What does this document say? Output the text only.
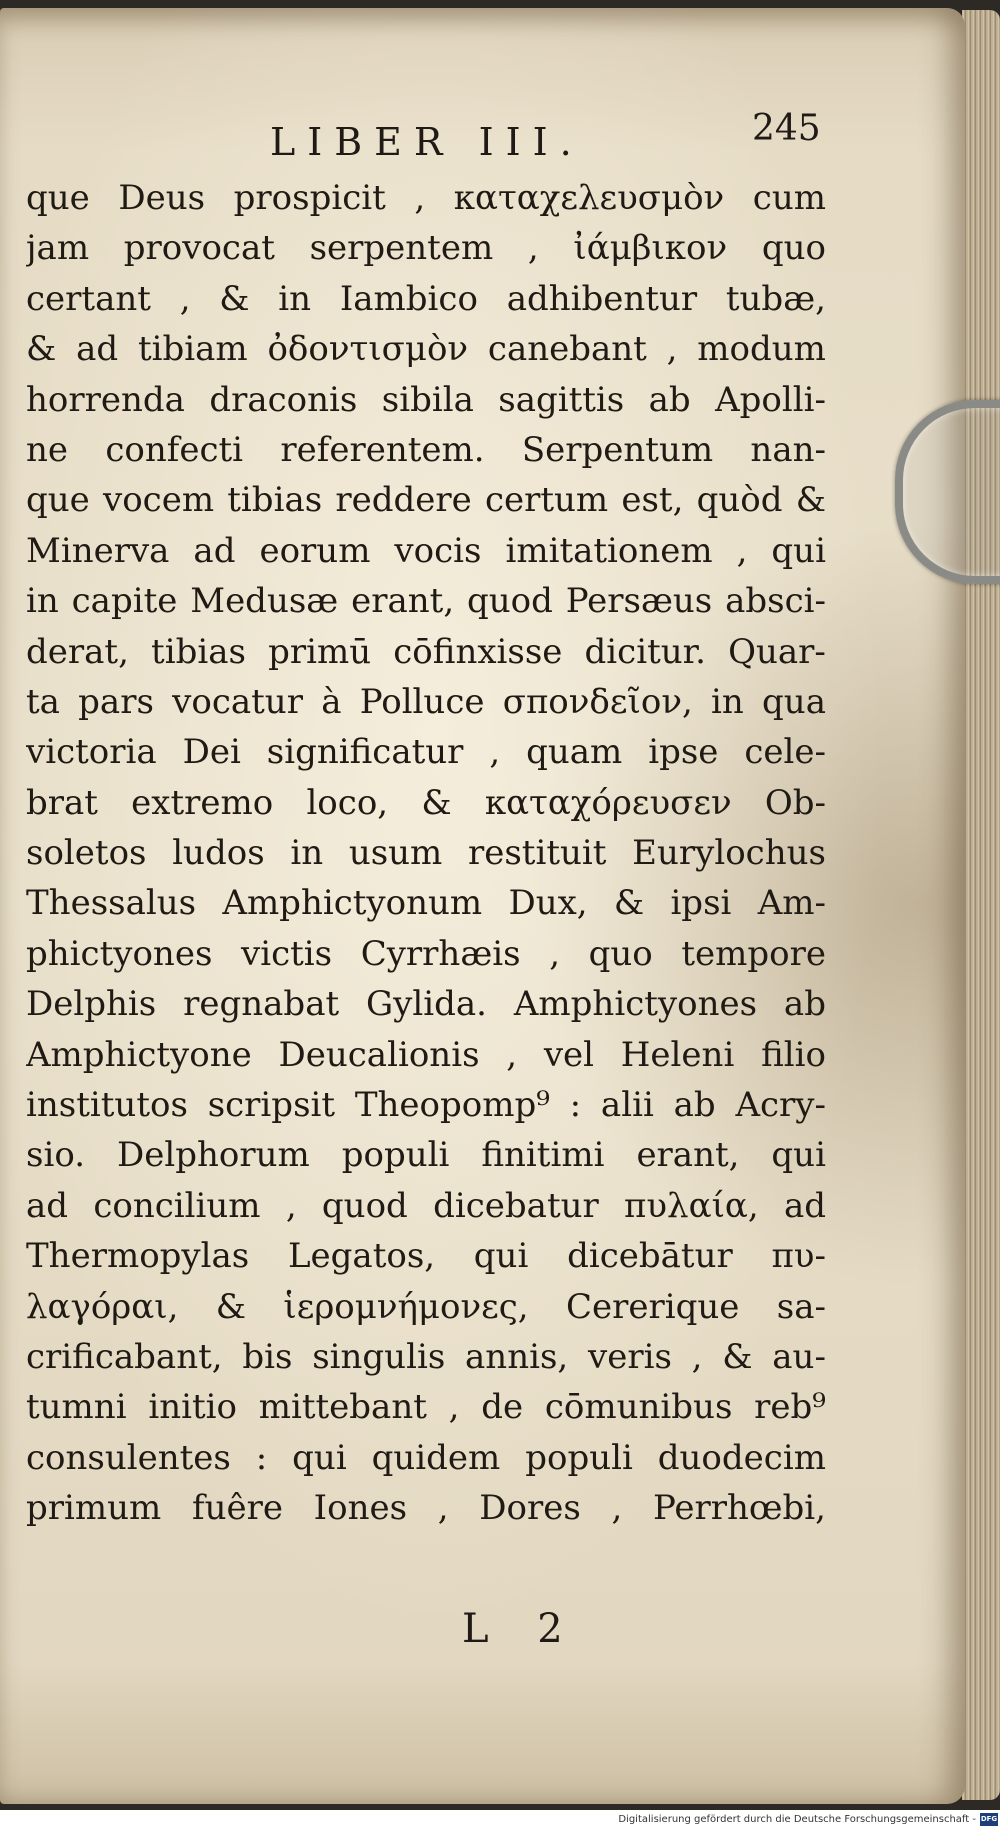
LIBER III.	245
que Deus prospicit , καταχελευσμὸν cum
jam provocat serpentem , ἰάμβικον quo
certant , & in Iambico adhibentur tubæ,
& ad tibiam ὀδοντισμὸν canebant , modum
horrenda draconis sibila sagittis ab Apolli-
ne confecti referentem. Serpentum nan-
que vocem tibias reddere certum est, quòd &
Minerva ad eorum vocis imitationem , qui
in capite Medusæ erant, quod Persæus absci-
derat, tibias primū cōfinxisse dicitur. Quar-
ta pars vocatur à Polluce σπονδεῖον, in qua
victoria Dei significatur , quam ipse cele-
brat extremo loco, & καταχόρευσεν Ob-
soletos ludos in usum restituit Eurylochus
Thessalus Amphictyonum Dux, & ipsi Am-
phictyones victis Cyrrhæis , quo tempore
Delphis regnabat Gylida. Amphictyones ab
Amphictyone Deucalionis , vel Heleni filio
institutos scripsit Theopomp⁹ : alii ab Acry-
sio. Delphorum populi finitimi erant, qui
ad concilium , quod dicebatur πυλαία, ad
Thermopylas Legatos, qui dicebātur πυ-
λαγόραι, & ἱερομνήμονες, Cererique sa-
crificabant, bis singulis annis, veris , & au-
tumni initio mittebant , de cōmunibus reb⁹
consulentes : qui quidem populi duodecim
primum fuêre Iones , Dores , Perrhœbi,
L 2
Digitalisierung gefördert durch die Deutsche Forschungsgemeinschaft - DFG
